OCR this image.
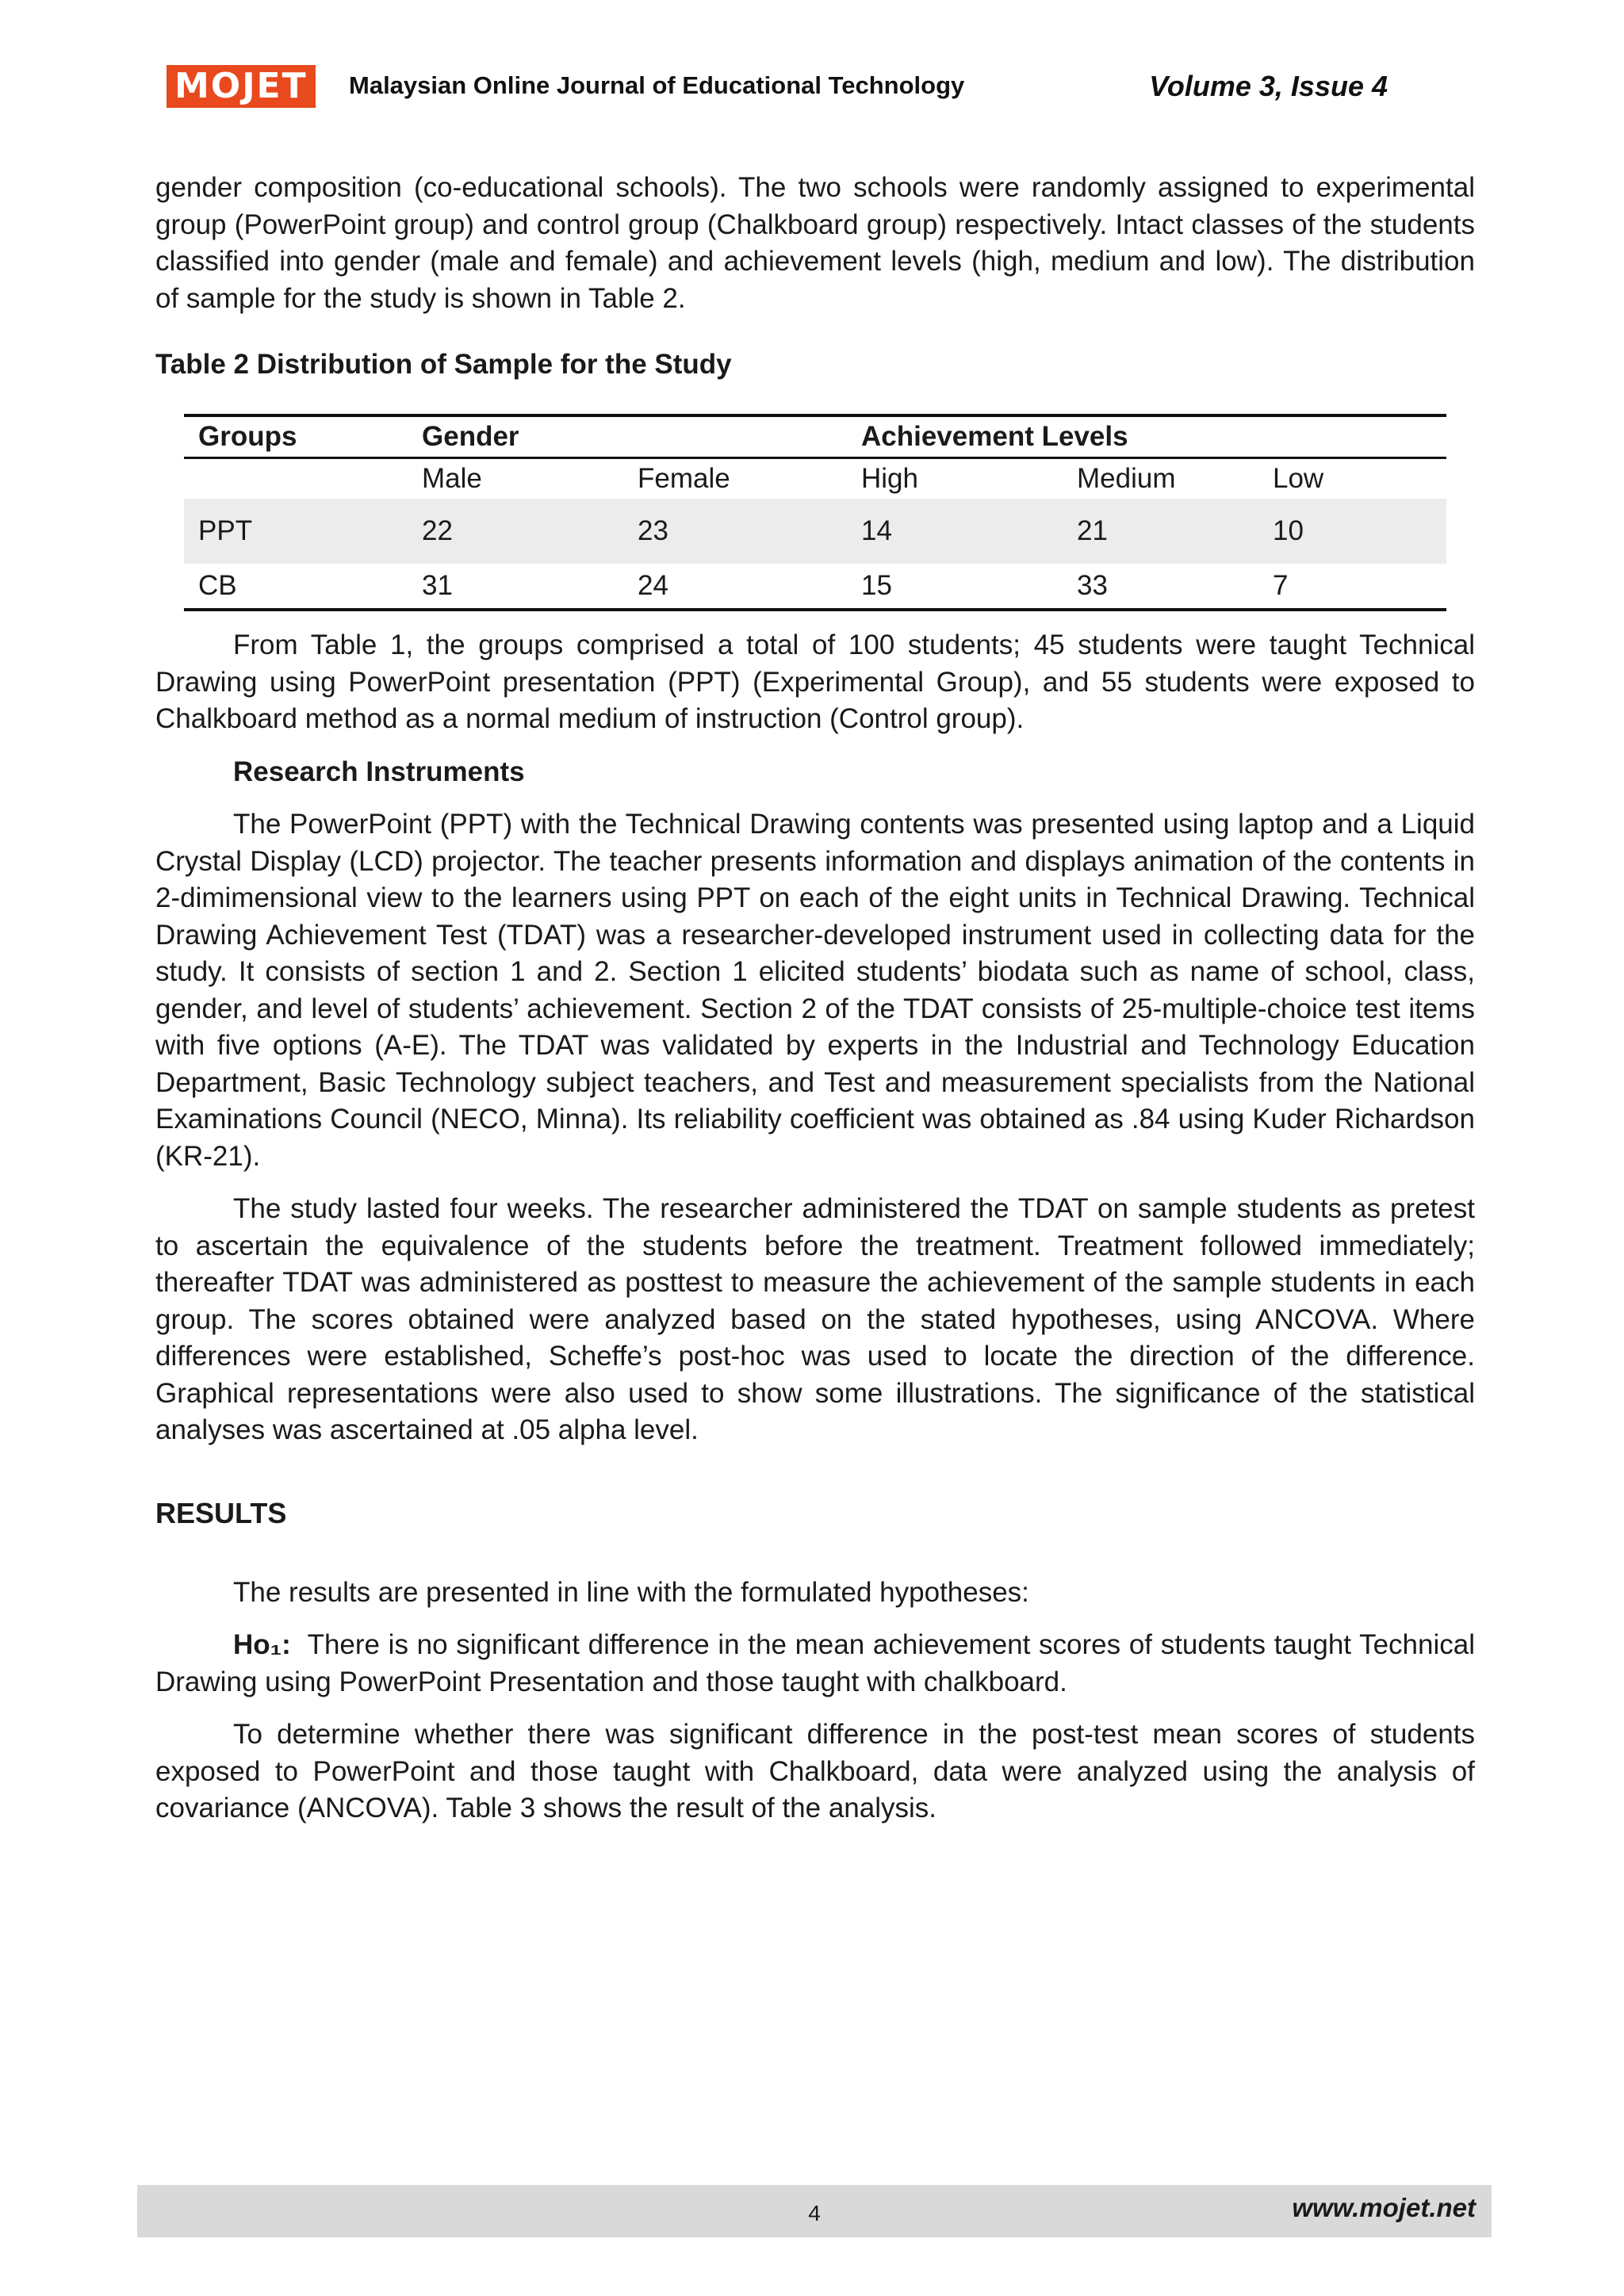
MOJET	Malaysian Online Journal of Educational Technology	Volume 3, Issue 4

gender composition (co-educational schools). The two schools were randomly assigned to experimental group (PowerPoint group) and control group (Chalkboard group) respectively. Intact classes of the students classified into gender (male and female) and achievement levels (high, medium and low). The distribution of sample for the study is shown in Table 2.

Table 2 Distribution of Sample for the Study
Groups	Gender		Achievement Levels		
	Male	Female	High	Medium	Low
PPT	22	23	14	21	10
CB	31	24	15	33	7

From Table 1, the groups comprised a total of 100 students; 45 students were taught Technical Drawing using PowerPoint presentation (PPT) (Experimental Group), and 55 students were exposed to Chalkboard method as a normal medium of instruction (Control group).

Research Instruments

The PowerPoint (PPT) with the Technical Drawing contents was presented using laptop and a Liquid Crystal Display (LCD) projector. The teacher presents information and displays animation of the contents in 2-dimimensional view to the learners using PPT on each of the eight units in Technical Drawing. Technical Drawing Achievement Test (TDAT) was a researcher-developed instrument used in collecting data for the study. It consists of section 1 and 2. Section 1 elicited students’ biodata such as name of school, class, gender, and level of students’ achievement. Section 2 of the TDAT consists of 25-multiple-choice test items with five options (A-E). The TDAT was validated by experts in the Industrial and Technology Education Department, Basic Technology subject teachers, and Test and measurement specialists from the National Examinations Council (NECO, Minna). Its reliability coefficient was obtained as .84 using Kuder Richardson (KR-21).

The study lasted four weeks. The researcher administered the TDAT on sample students as pretest to ascertain the equivalence of the students before the treatment. Treatment followed immediately; thereafter TDAT was administered as posttest to measure the achievement of the sample students in each group. The scores obtained were analyzed based on the stated hypotheses, using ANCOVA. Where differences were established, Scheffe’s post-hoc was used to locate the direction of the difference. Graphical representations were also used to show some illustrations. The significance of the statistical analyses was ascertained at .05 alpha level.

RESULTS

The results are presented in line with the formulated hypotheses:

Ho₁: There is no significant difference in the mean achievement scores of students taught Technical Drawing using PowerPoint Presentation and those taught with chalkboard.

To determine whether there was significant difference in the post-test mean scores of students exposed to PowerPoint and those taught with Chalkboard, data were analyzed using the analysis of covariance (ANCOVA). Table 3 shows the result of the analysis.

4	www.mojet.net
